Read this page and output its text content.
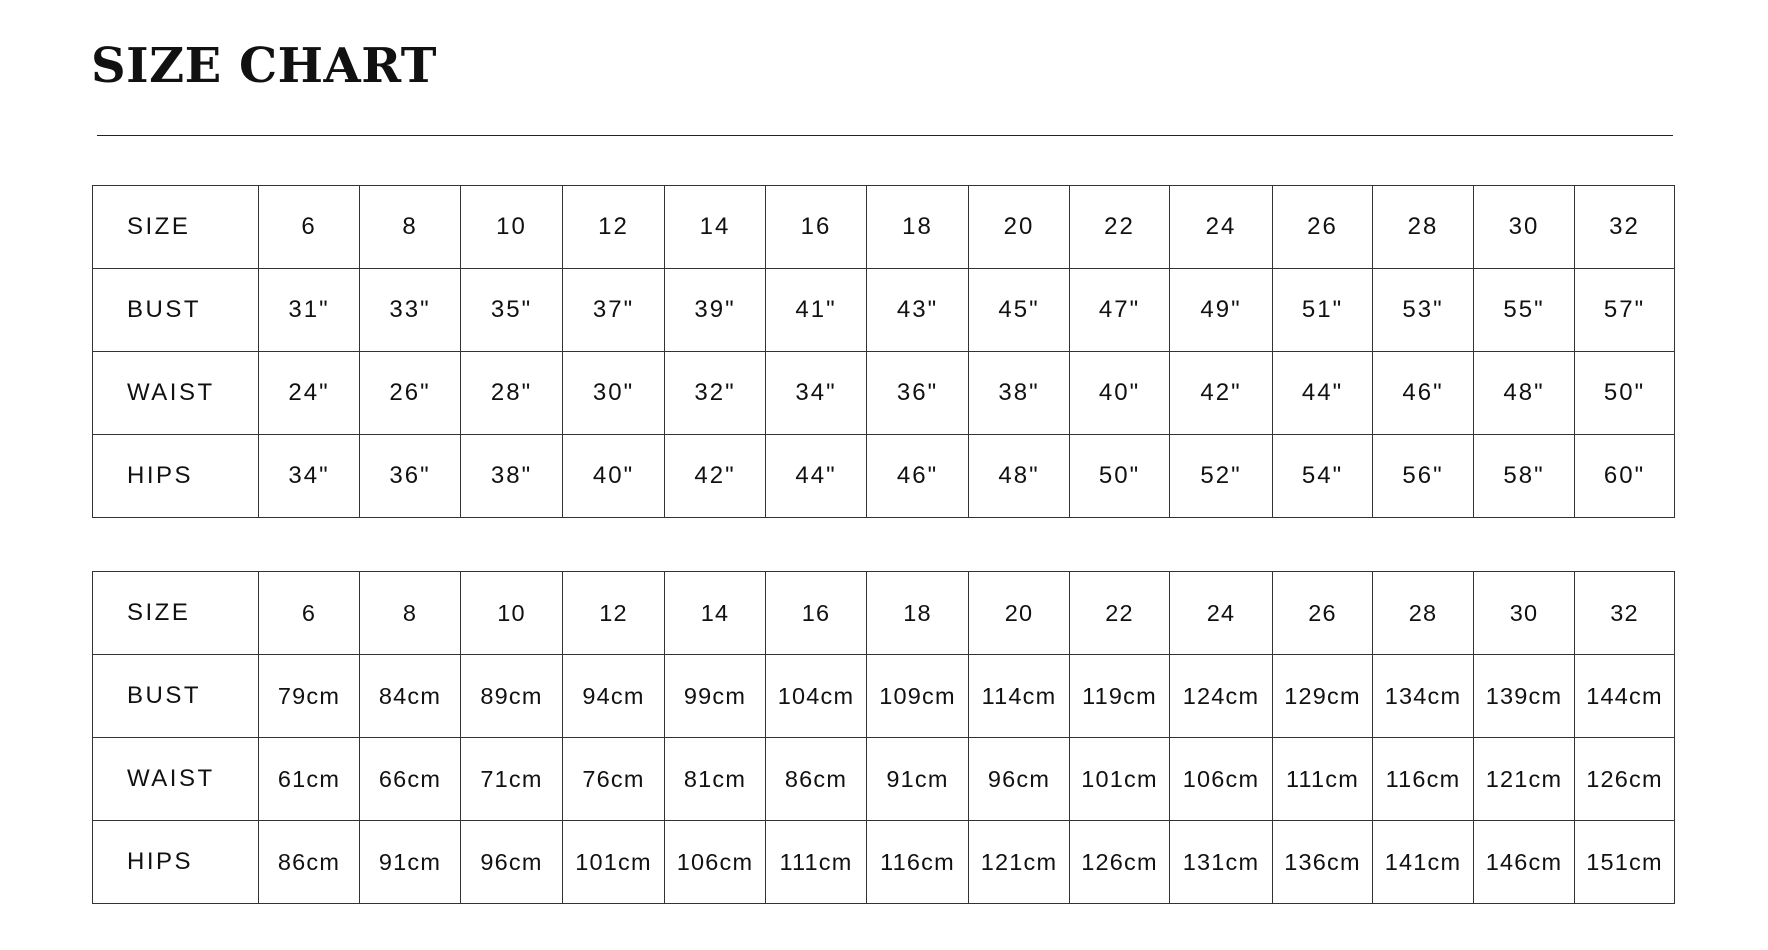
SIZE CHART
SIZE	6	8	10	12	14	16	18	20	22	24	26	28	30	32
BUST	31"	33"	35"	37"	39"	41"	43"	45"	47"	49"	51"	53"	55"	57"
WAIST	24"	26"	28"	30"	32"	34"	36"	38"	40"	42"	44"	46"	48"	50"
HIPS	34"	36"	38"	40"	42"	44"	46"	48"	50"	52"	54"	56"	58"	60"
SIZE	6	8	10	12	14	16	18	20	22	24	26	28	30	32
BUST	79cm	84cm	89cm	94cm	99cm	104cm	109cm	114cm	119cm	124cm	129cm	134cm	139cm	144cm
WAIST	61cm	66cm	71cm	76cm	81cm	86cm	91cm	96cm	101cm	106cm	111cm	116cm	121cm	126cm
HIPS	86cm	91cm	96cm	101cm	106cm	111cm	116cm	121cm	126cm	131cm	136cm	141cm	146cm	151cm
